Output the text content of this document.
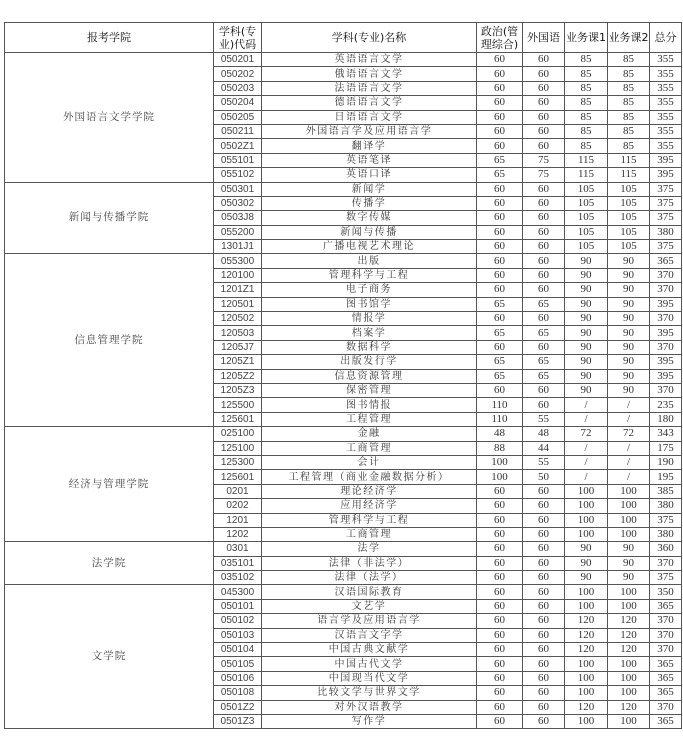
报考学院	学科(专业)代码	学科(专业)名称	政治(管理综合)	外国语	业务课1	业务课2	总分
外国语言文学学院	050201	英语语言文学	60	60	85	85	355
	050202	俄语语言文学	60	60	85	85	355
	050203	法语语言文学	60	60	85	85	355
	050204	德语语言文学	60	60	85	85	355
	050205	日语语言文学	60	60	85	85	355
	050211	外国语言学及应用语言学	60	60	85	85	355
	0502Z1	翻译学	60	60	85	85	355
	055101	英语笔译	65	75	115	115	395
	055102	英语口译	65	75	115	115	395
新闻与传播学院	050301	新闻学	60	60	105	105	375
	050302	传播学	60	60	105	105	375
	0503J8	数字传媒	60	60	105	105	375
	055200	新闻与传播	60	60	105	105	380
	1301J1	广播电视艺术理论	60	60	105	105	375
信息管理学院	055300	出版	60	60	90	90	365
	120100	管理科学与工程	60	60	90	90	370
	1201Z1	电子商务	60	60	90	90	370
	120501	图书馆学	65	65	90	90	395
	120502	情报学	60	60	90	90	370
	120503	档案学	65	65	90	90	395
	1205J7	数据科学	60	60	90	90	370
	1205Z1	出版发行学	65	65	90	90	395
	1205Z2	信息资源管理	65	65	90	90	395
	1205Z3	保密管理	60	60	90	90	370
	125500	图书情报	110	60	/	/	235
	125601	工程管理	110	55	/	/	180
经济与管理学院	025100	金融	48	48	72	72	343
	125100	工商管理	88	44	/	/	175
	125300	会计	100	55	/	/	190
	125601	工程管理（商业金融数据分析）	100	50	/	/	195
	0201	理论经济学	60	60	100	100	385
	0202	应用经济学	60	60	100	100	380
	1201	管理科学与工程	60	60	100	100	375
	1202	工商管理	60	60	100	100	380
法学院	0301	法学	60	60	90	90	360
	035101	法律（非法学）	60	60	90	90	370
	035102	法律（法学）	60	60	90	90	375
文学院	045300	汉语国际教育	60	60	100	100	350
	050101	文艺学	60	60	100	100	365
	050102	语言学及应用语言学	60	60	120	120	370
	050103	汉语言文字学	60	60	120	120	370
	050104	中国古典文献学	60	60	120	120	370
	050105	中国古代文学	60	60	100	100	365
	050106	中国现当代文学	60	60	100	100	365
	050108	比较文学与世界文学	60	60	100	100	365
	0501Z2	对外汉语教学	60	60	120	120	370
	0501Z3	写作学	60	60	100	100	365
